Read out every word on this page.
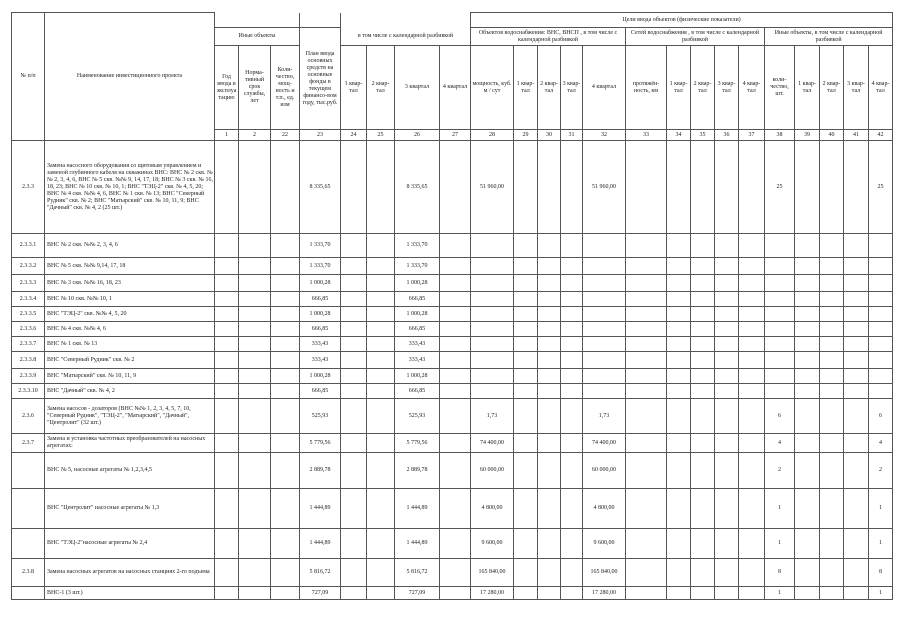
№ п/п	Наименование инвестиционного проекта									Цели ввода объектов (физические показатели)															
		Иные объекты			План ввода основных средств на основные фонды в текущем финансо-вом году, тыс.руб.	в том числе с календарной разбивкой				Объектов водоснабжения: ВНС, ВНСП , в том числе с календарной разбивкой					Сетей водоснабжения , в том числе с календарной разбивкой					Иные объекты, в том числе с календарной разбивкой					
		Год ввода в эксплуа тацию	Норма-тивный срок службы, лет	Коли-чество, мощ-ность и т.п., ед. изм		1 квар-тал	2 квар-тал	3 квартал	4 квартал	мощность, куб. м / сут	1 квар-тал	2 квар-тал	3 квар-тал	4 квартал	протяжён-ность, км	1 квар-тал	2 квар-тал	3 квар-тал	4 квар-тал	коли-чество, шт.	1 квар-тал	2 квар-тал	3 квар-тал	4 квар-тал	
		1	2	22	23	24	25	26	27	28	29	30	31	32	33	34	35	36	37	38	39	40	41	42		
2.3.3	Замена насосного оборудования со щитовым управлением и заменой глубинного кабеля на скважинах ВНС: ВНС № 2 скв. №№ 2, 3, 4, 6, ВНС № 5 скв. №№ 9, 14, 17, 18; ВНС № 3 скв. № 16, 18, 23; ВНС № 10 скв. № 10, 1; ВНС "ТЭЦ-2" скв. № 4, 5, 20; ВНС № 4 скв. №№ 4, 6, ВНС № 1 скв. № 13; ВНС "Северный Рудник" скв. № 2; ВНС "Матырский" скв. № 10, 11, 9; ВНС "Дачный" скв. № 4, 2 (25 шт.)				8 335,65			8 335,65		51 960,00				51 960,00						25				25	
2.3.3.1	ВНС № 2 скв. №№ 2, 3, 4, 6				1 333,70			1 333,70																	
2.3.3.2	ВНС № 5 скв. №№ 9,14, 17, 18				1 333,70			1 333,70																	
2.3.3.3	ВНС № 3 скв. №№ 16, 18, 23				1 000,28			1 000,28																	
2.3.3.4	ВНС № 10 скв. №№ 10, 1				666,85			666,85																	
2.3.3.5	ВНС "ТЭЦ-2" скв. №№ 4, 5, 20				1 000,28			1 000,28																	
2.3.3.6	ВНС № 4 скв. №№ 4, 6				666,85			666,85																	
2.3.3.7	ВНС № 1 скв. № 13				333,43			333,43																	
2.3.3.8	ВНС "Северный Рудник" скв. № 2				333,43			333,43																	
2.3.3.9	ВНС "Матырский" скв. № 10, 11, 9				1 000,28			1 000,28																	
2.3.3.10	ВНС "Дачный" скв. № 4, 2				666,85			666,85																	
2.3.6	Замена насосов - дозаторов (ВНС №№ 1, 2, 3, 4, 5, 7, 10, "Северный Рудник", "ТЭЦ-2", "Матырский", "Дачный", "Центролит" (32 шт.)				525,93			525,93		1,73				1,73						6				6	
2.3.7	Замена и установка частотных преобразователей на насосных агрегатах:				5 779,56			5 779,56		74 400,00				74 400,00						4				4	
	ВНС № 5, насосные агрегаты № 1,2,3,4,5				2 889,78			2 889,78		60 000,00				60 000,00						2				2	
	ВНС "Центролит" насосные агрегаты № 1,3				1 444,89			1 444,89		4 800,00				4 800,00						1				1	
	ВНС "ТЭЦ-2"насосные агрегаты № 2,4				1 444,89			1 444,89		9 600,00				9 600,00						1				1	
2.3.8	Замена насосных агрегатов на насосных станциях 2-го подъема				5 816,72			5 816,72		165 840,00				165 840,00						8				8	
	ВНС-1 (3 шт.)				727,09			727,09		17 280,00				17 280,00						1				1	
